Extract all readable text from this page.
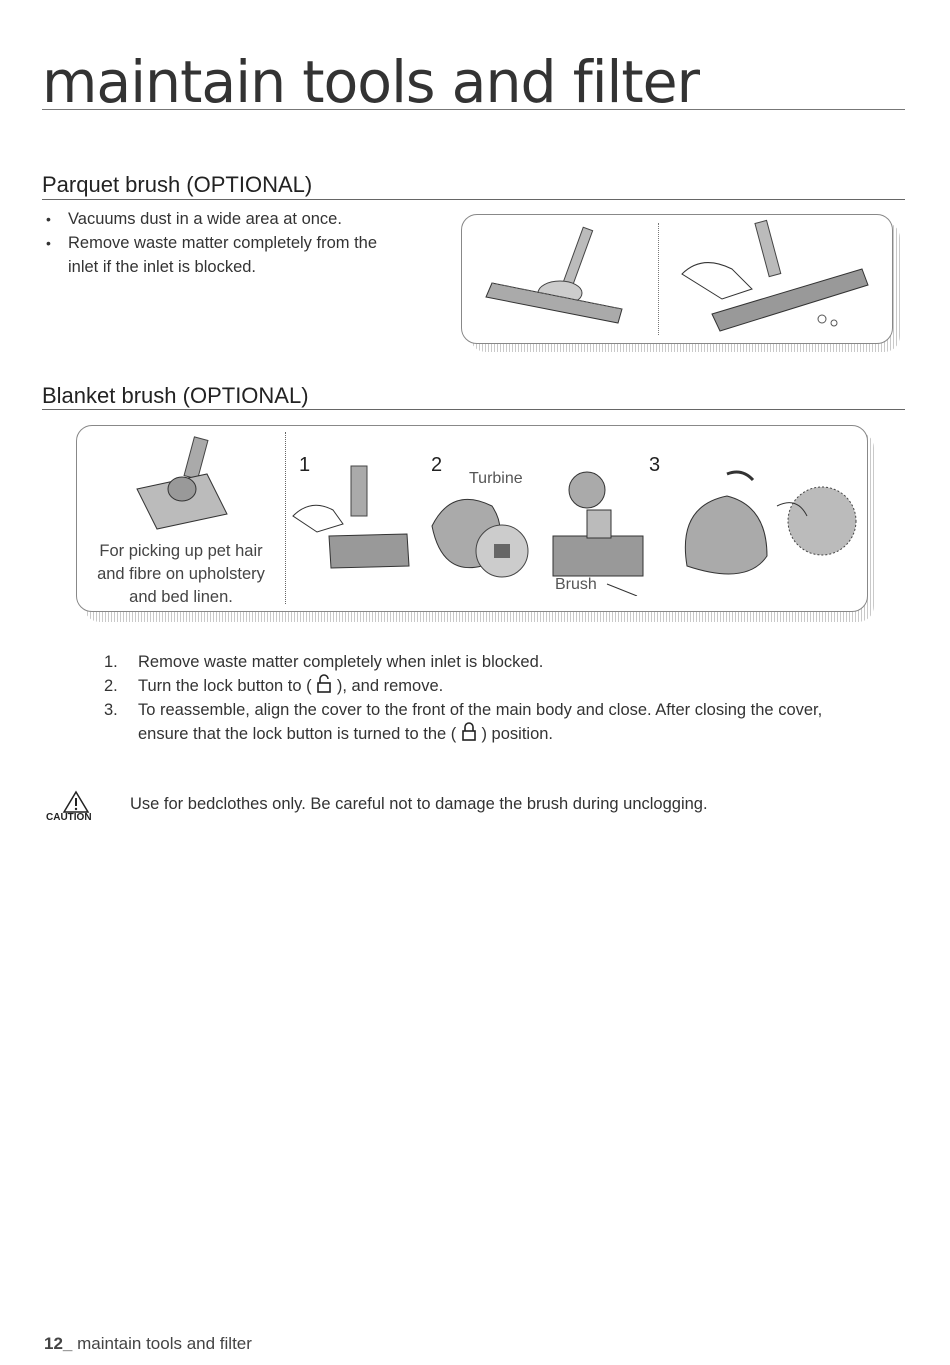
maintain tools and filter
Parquet brush (OPTIONAL)
• Vacuums dust in a wide area at once.
• Remove waste matter completely from the
inlet if the inlet is blocked.
Blanket brush (OPTIONAL)
For picking up pet hair
and fibre on upholstery
and bed linen.
1	2	3
Turbine
Brush
1. Remove waste matter completely when inlet is blocked.
2. Turn the lock button to ( ), and remove.
3. To reassemble, align the cover to the front of the main body and close. After closing the cover,
ensure that the lock button is turned to the ( ) position.
CAUTION
Use for bedclothes only. Be careful not to damage the brush during unclogging.
12_ maintain tools and filter
